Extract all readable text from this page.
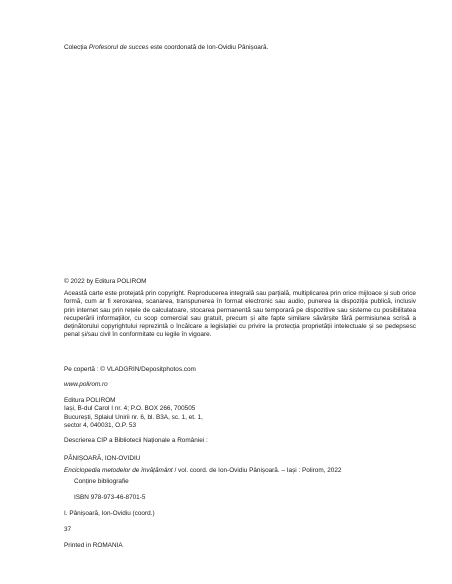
Colecția Profesorul de succes este coordonată de Ion-Ovidiu Pânișoară.
© 2022 by Editura POLIROM
Această carte este protejată prin copyright. Reproducerea integrală sau parțială, multiplicarea prin orice mijloace și sub orice formă, cum ar fi xeroxarea, scanarea, transpunerea în format electronic sau audio, punerea la dispoziția publică, inclusiv prin internet sau prin rețele de calculatoare, stocarea permanentă sau temporară pe dispozitive sau sisteme cu posibilitatea recuperării informațiilor, cu scop comercial sau gratuit, precum și alte fapte similare săvârșite fără permisiunea scrisă a deținătorului copyrightului reprezintă o încălcare a legislației cu privire la protecția proprietății intelectuale și se pedepsesc penal și/sau civil în conformitate cu legile în vigoare.
Pe copertă : © VLADGRIN/Depositphotos.com
www.polirom.ro

Editura POLIROM

Iași, B-dul Carol I nr. 4; P.O. BOX 266, 700505

București, Splaiul Unirii nr. 6, bl. B3A, sc. 1, et. 1,

sector 4, 040031, O.P. 53

Descrierea CIP a Bibliotecii Naționale a României :
PÂNIȘOARĂ, ION-OVIDIU
Enciclopedia metodelor de învățământ / vol. coord. de Ion-Ovidiu Pânișoară. – Iași : Polirom, 2022
Conține bibliografie
ISBN 978-973-46-8701-5
I. Pânișoară, Ion-Ovidiu (coord.)
37
Printed in ROMANIA
